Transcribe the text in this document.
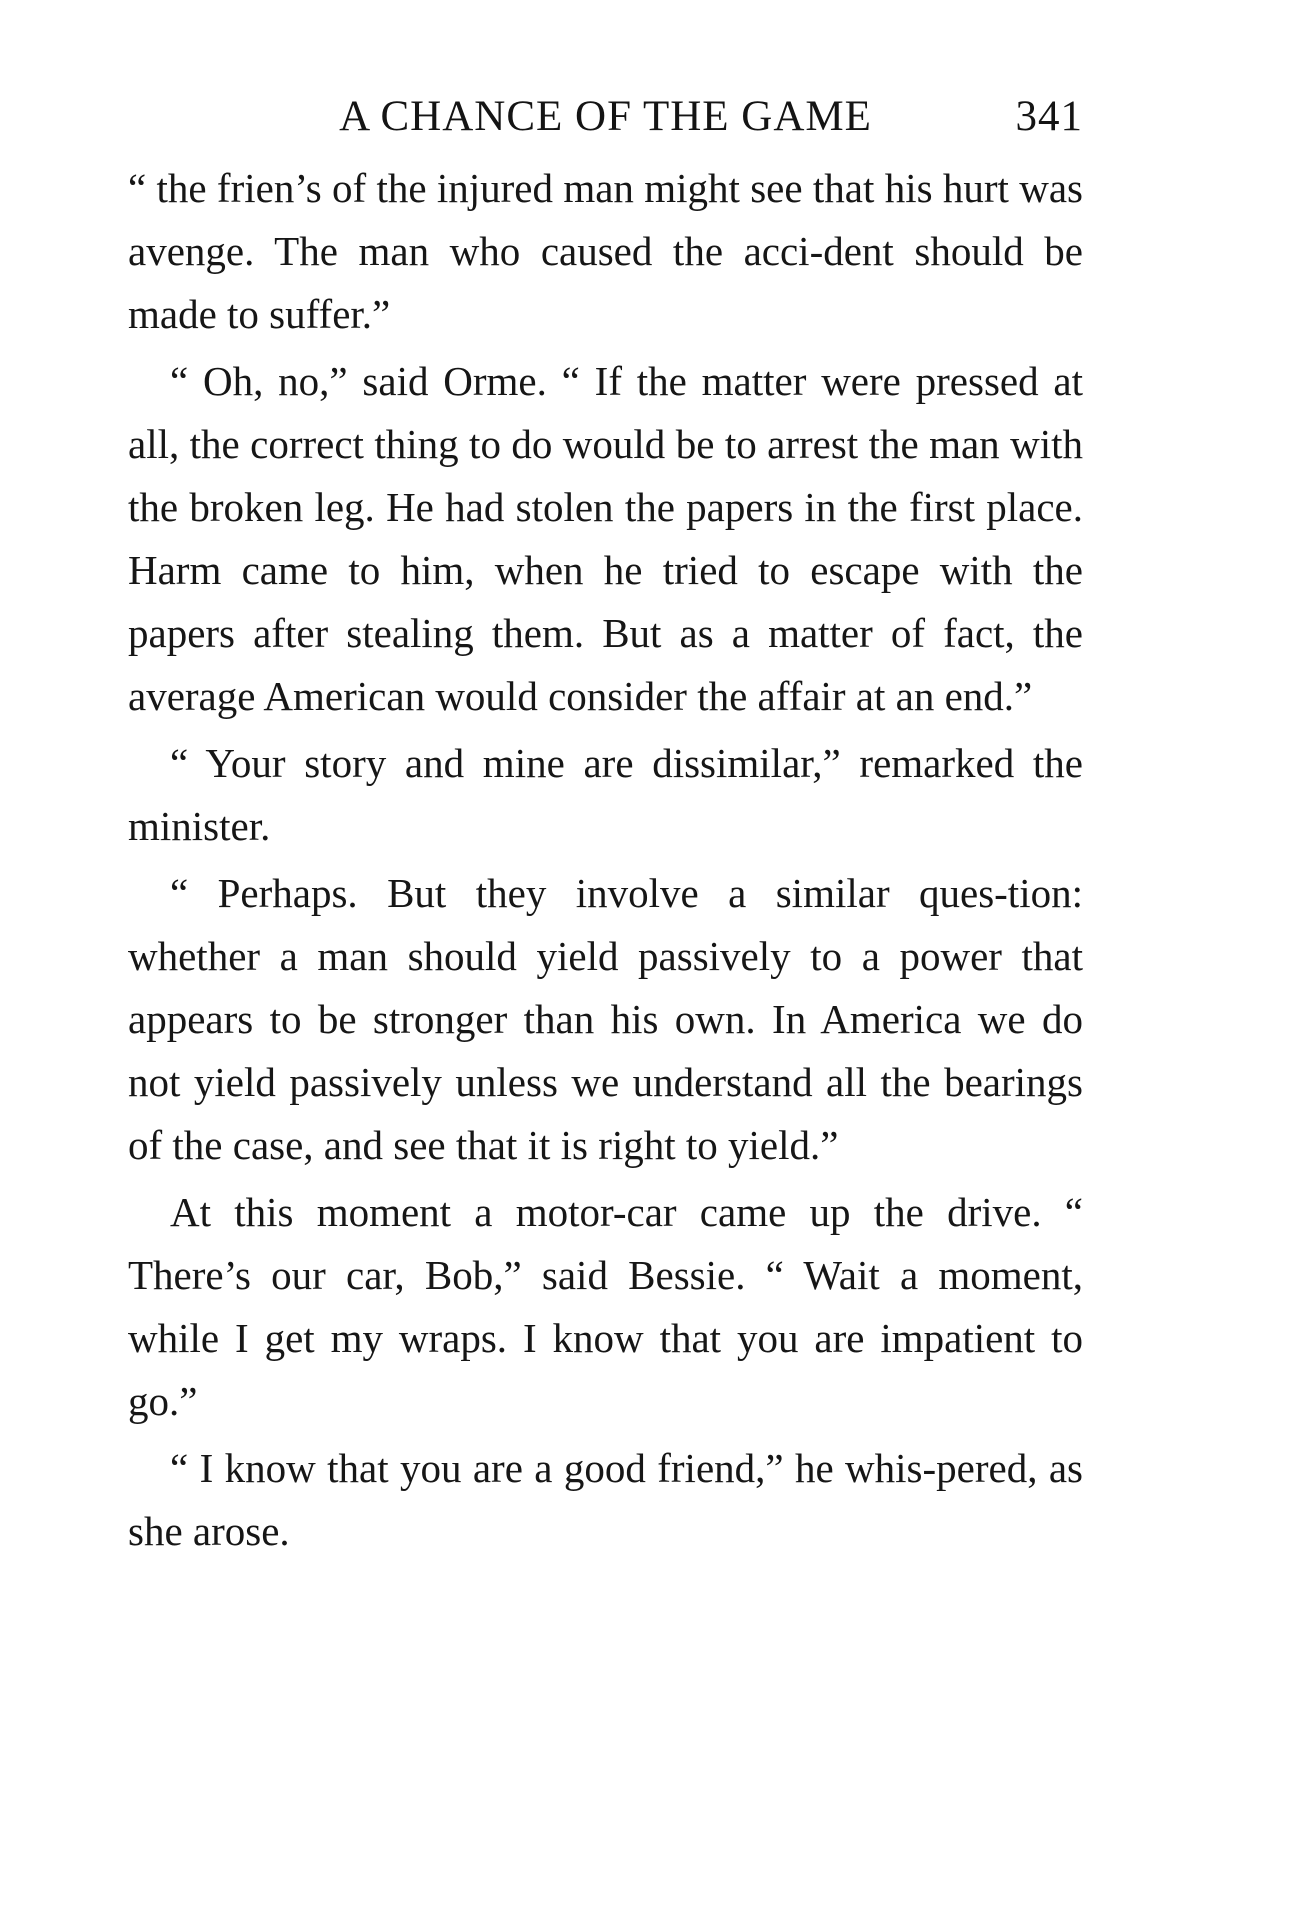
A CHANCE OF THE GAME	341

“ the frien’s of the injured man might see that his hurt was avenge. The man who caused the acci-dent should be made to suffer.”

“ Oh, no,” said Orme. “ If the matter were pressed at all, the correct thing to do would be to arrest the man with the broken leg. He had stolen the papers in the first place. Harm came to him, when he tried to escape with the papers after stealing them. But as a matter of fact, the average American would consider the affair at an end.”

“ Your story and mine are dissimilar,” remarked the minister.

“ Perhaps. But they involve a similar ques-tion: whether a man should yield passively to a power that appears to be stronger than his own. In America we do not yield passively unless we understand all the bearings of the case, and see that it is right to yield.”

At this moment a motor-car came up the drive. “ There’s our car, Bob,” said Bessie. “ Wait a moment, while I get my wraps. I know that you are impatient to go.”

“ I know that you are a good friend,” he whis-pered, as she arose.
